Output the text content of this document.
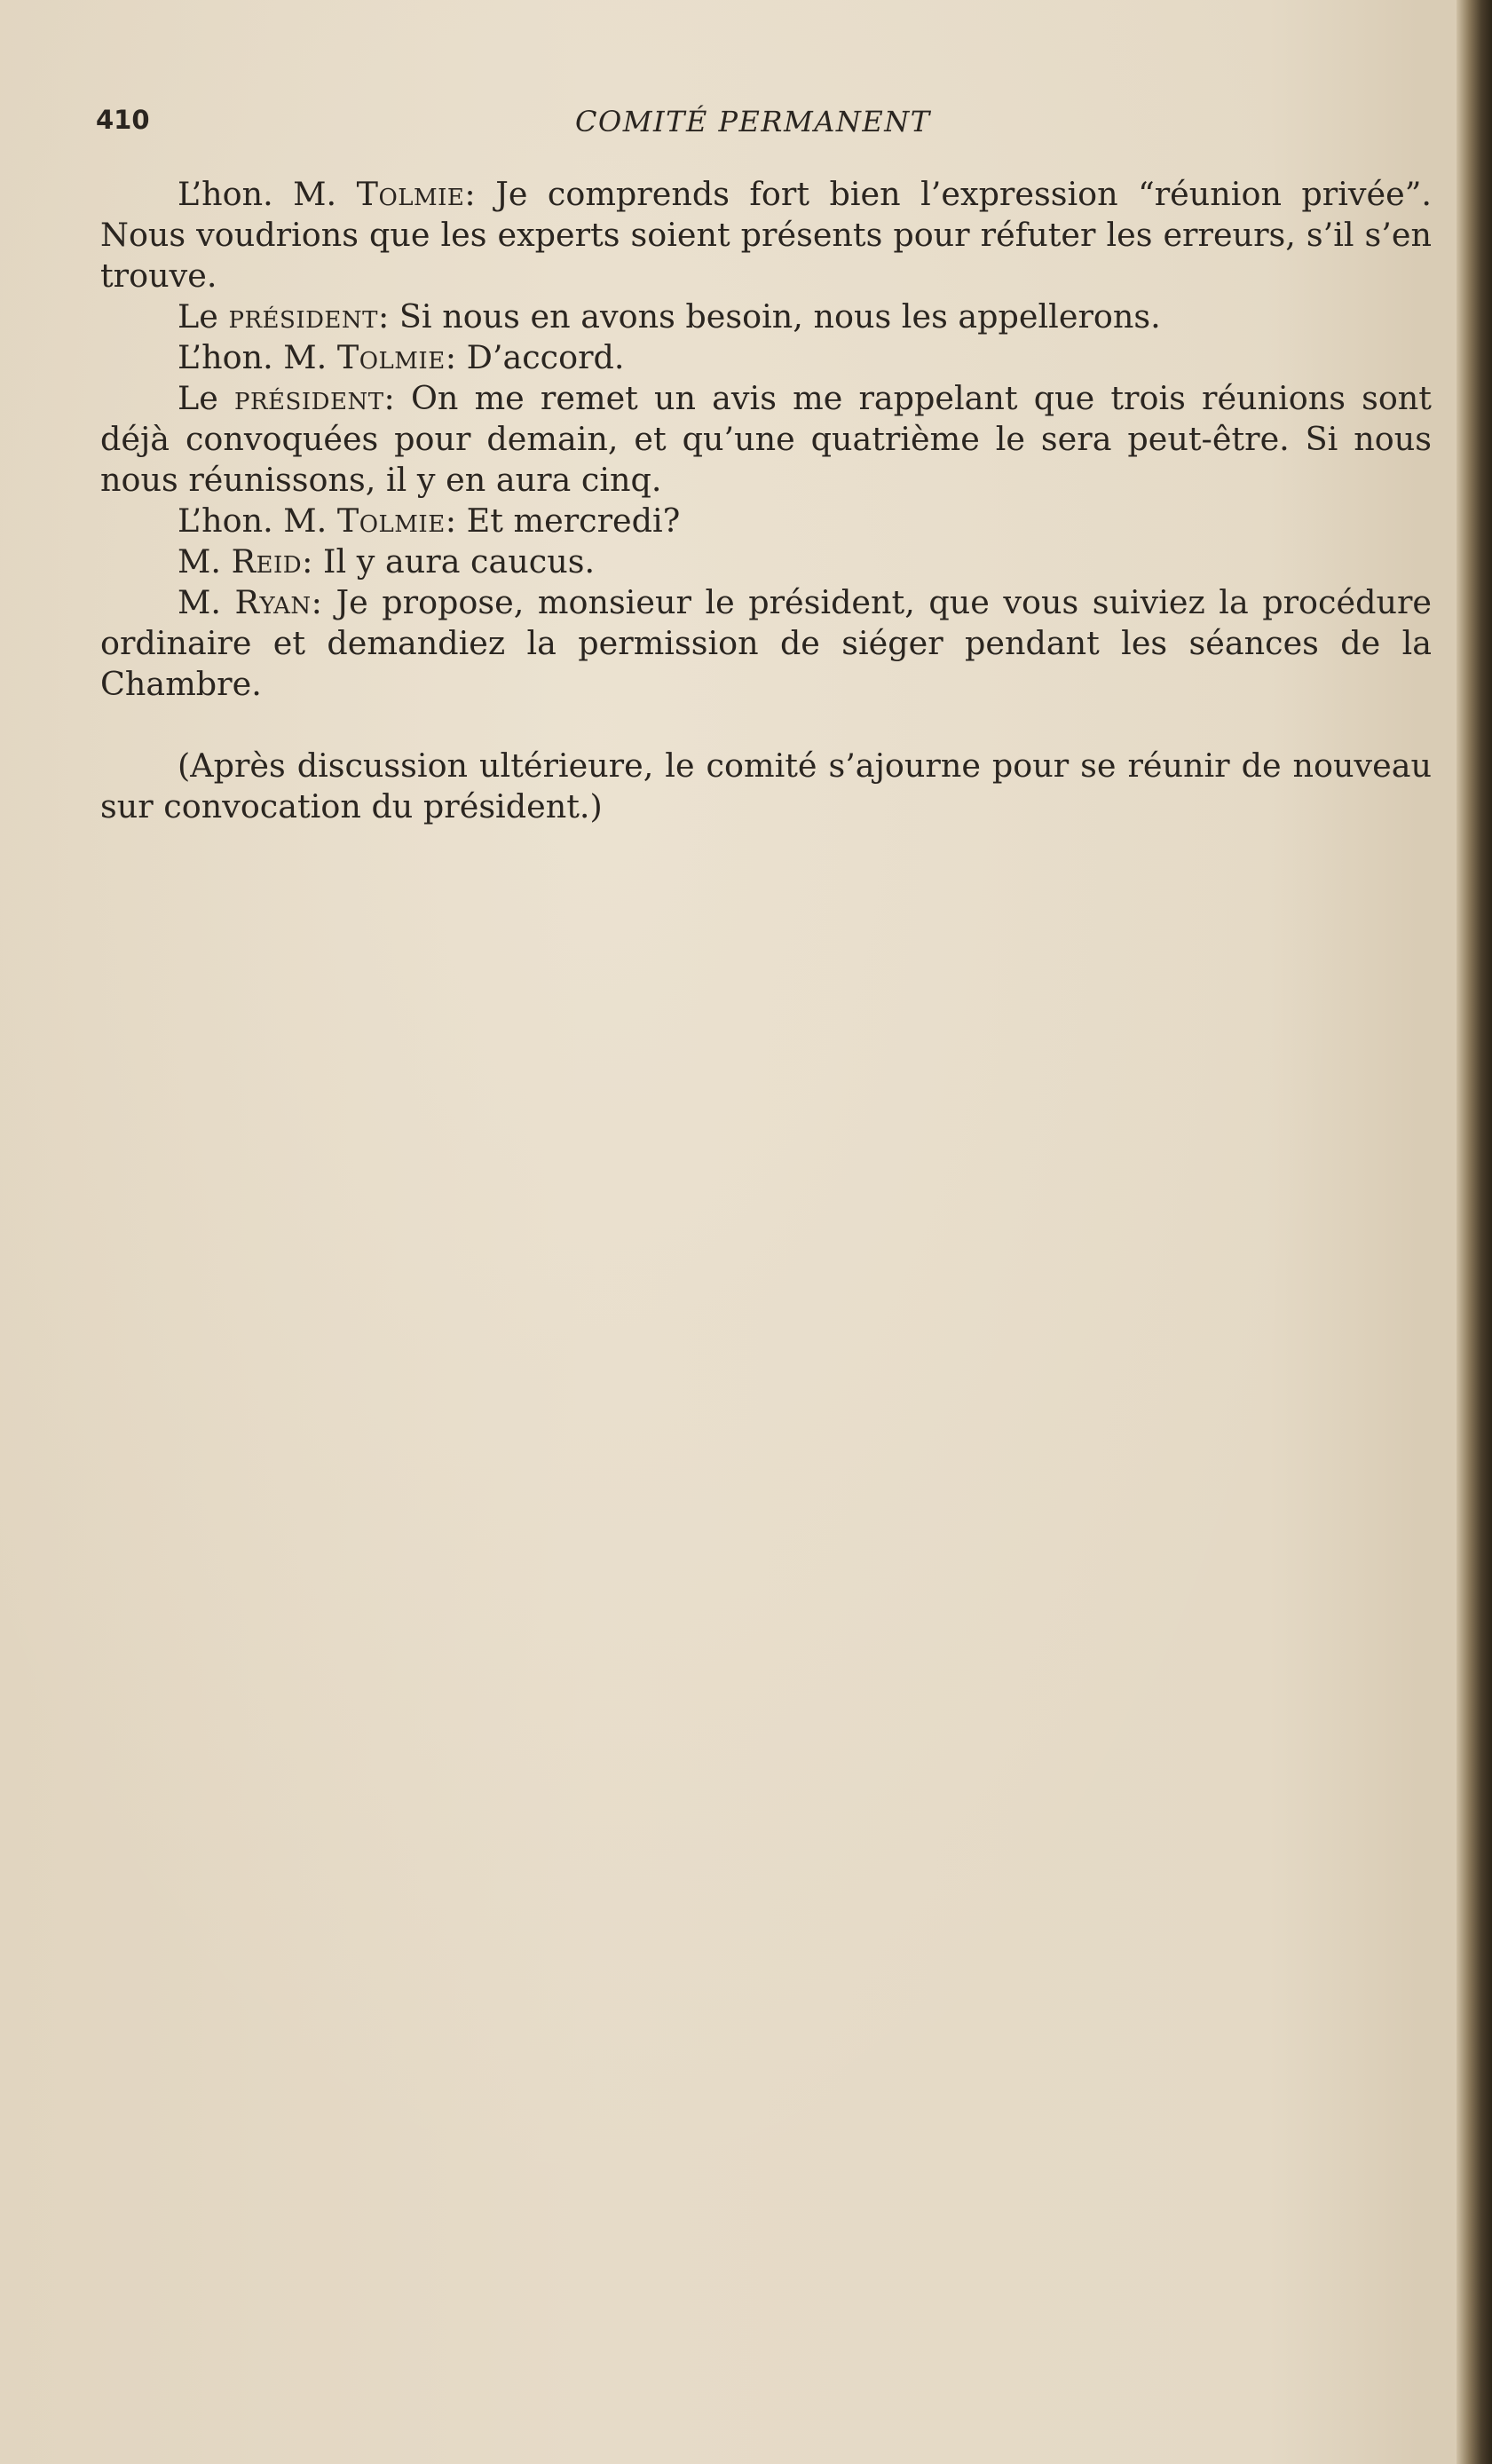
410	COMITÉ PERMANENT

L’hon. M. Tolmie: Je comprends fort bien l’expression “réunion privée”. Nous voudrions que les experts soient présents pour réfuter les erreurs, s’il s’en trouve.

Le président: Si nous en avons besoin, nous les appellerons.

L’hon. M. Tolmie: D’accord.

Le président: On me remet un avis me rappelant que trois réunions sont déjà convoquées pour demain, et qu’une quatrième le sera peut-être. Si nous nous réunissons, il y en aura cinq.

L’hon. M. Tolmie: Et mercredi?

M. Reid: Il y aura caucus.

M. Ryan: Je propose, monsieur le président, que vous suiviez la procédure ordinaire et demandiez la permission de siéger pendant les séances de la Chambre.

(Après discussion ultérieure, le comité s’ajourne pour se réunir de nouveau sur convocation du président.)
